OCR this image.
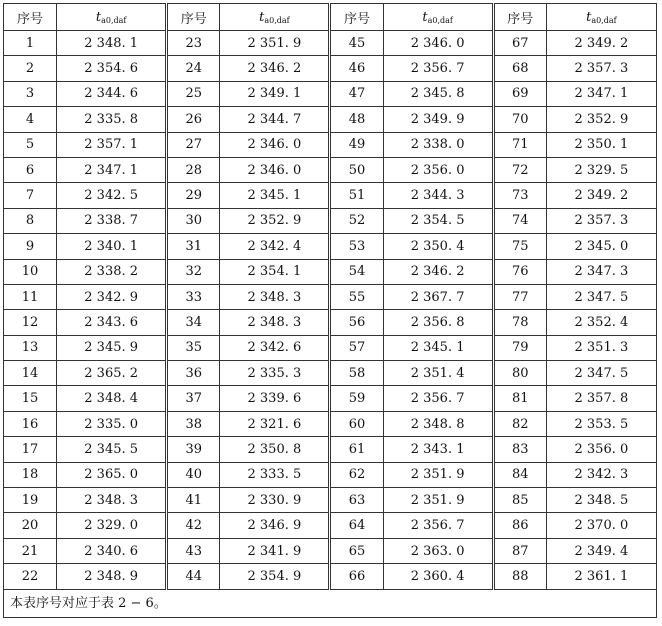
序号	$t_{a0,daf}$	序号	$t_{a0,daf}$	序号	$t_{a0,daf}$	序号	$t_{a0,daf}$
1	2 348. 1	23	2 351. 9	45	2 346. 0	67	2 349. 2
2	2 354. 6	24	2 346. 2	46	2 356. 7	68	2 357. 3
3	2 344. 6	25	2 349. 1	47	2 345. 8	69	2 347. 1
4	2 335. 8	26	2 344. 7	48	2 349. 9	70	2 352. 9
5	2 357. 1	27	2 346. 0	49	2 338. 0	71	2 350. 1
6	2 347. 1	28	2 346. 0	50	2 356. 0	72	2 329. 5
7	2 342. 5	29	2 345. 1	51	2 344. 3	73	2 349. 2
8	2 338. 7	30	2 352. 9	52	2 354. 5	74	2 357. 3
9	2 340. 1	31	2 342. 4	53	2 350. 4	75	2 345. 0
10	2 338. 2	32	2 354. 1	54	2 346. 2	76	2 347. 3
11	2 342. 9	33	2 348. 3	55	2 367. 7	77	2 347. 5
12	2 343. 6	34	2 348. 3	56	2 356. 8	78	2 352. 4
13	2 345. 9	35	2 342. 6	57	2 345. 1	79	2 351. 3
14	2 365. 2	36	2 335. 3	58	2 351. 4	80	2 347. 5
15	2 348. 4	37	2 339. 6	59	2 356. 7	81	2 357. 8
16	2 335. 0	38	2 321. 6	60	2 348. 8	82	2 353. 5
17	2 345. 5	39	2 350. 8	61	2 343. 1	83	2 356. 0
18	2 365. 0	40	2 333. 5	62	2 351. 9	84	2 342. 3
19	2 348. 3	41	2 330. 9	63	2 351. 9	85	2 348. 5
20	2 329. 0	42	2 346. 9	64	2 356. 7	86	2 370. 0
21	2 340. 6	43	2 341. 9	65	2 363. 0	87	2 349. 4
22	2 348. 9	44	2 354. 9	66	2 360. 4	88	2 361. 1
本表序号对应于表 2 − 6。
